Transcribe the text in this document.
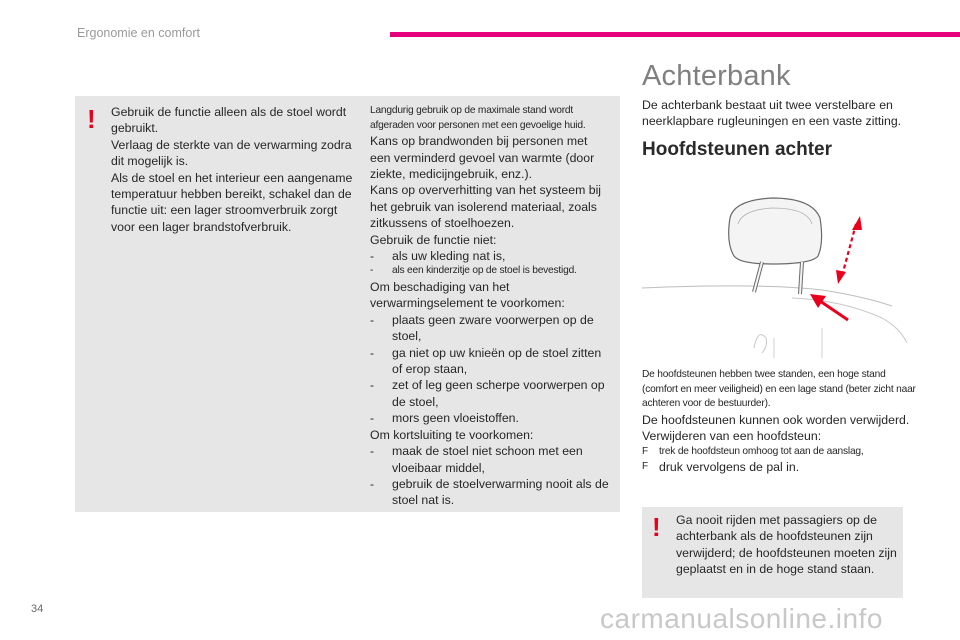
Ergonomie en comfort
! Gebruik de functie alleen als de stoel wordt gebruikt.

Verlaag de sterkte van de verwarming zodra dit mogelijk is.

Als de stoel en het interieur een aangename temperatuur hebben bereikt, schakel dan de functie uit: een lager stroomverbruik zorgt voor een lager brandstofverbruik.

Langdurig gebruik op de maximale stand wordt afgeraden voor personen met een gevoelige huid.

Kans op brandwonden bij personen met een verminderd gevoel van warmte (door ziekte, medicijngebruik, enz.).

Kans op oververhitting van het systeem bij het gebruik van isolerend materiaal, zoals zitkussens of stoelhoezen.

Gebruik de functie niet:

-	als uw kleding nat is,
-	als een kinderzitje op de stoel is bevestigd.

Om beschadiging van het verwarmingselement te voorkomen:

-	plaats geen zware voorwerpen op de stoel,
-	ga niet op uw knieën op de stoel zitten of erop staan,
-	zet of leg geen scherpe voorwerpen op de stoel,
-	mors geen vloeistoffen.

Om kortsluiting te voorkomen:

-	maak de stoel niet schoon met een vloeibaar middel,
-	gebruik de stoelverwarming nooit als de stoel nat is.
Achterbank

De achterbank bestaat uit twee verstelbare en neerklapbare rugleuningen en een vaste zitting.

Hoofdsteunen achter

De hoofdsteunen hebben twee standen, een hoge stand (comfort en meer veiligheid) en een lage stand (beter zicht naar achteren voor de bestuurder).

De hoofdsteunen kunnen ook worden verwijderd.

Verwijderen van een hoofdsteun:

F	trek de hoofdsteun omhoog tot aan de aanslag,
F druk vervolgens de pal in.
! Ga nooit rijden met passagiers op de achterbank als de hoofdsteunen zijn verwijderd; de hoofdsteunen moeten zijn geplaatst en in de hoge stand staan.

34	carmanualsonline.info
